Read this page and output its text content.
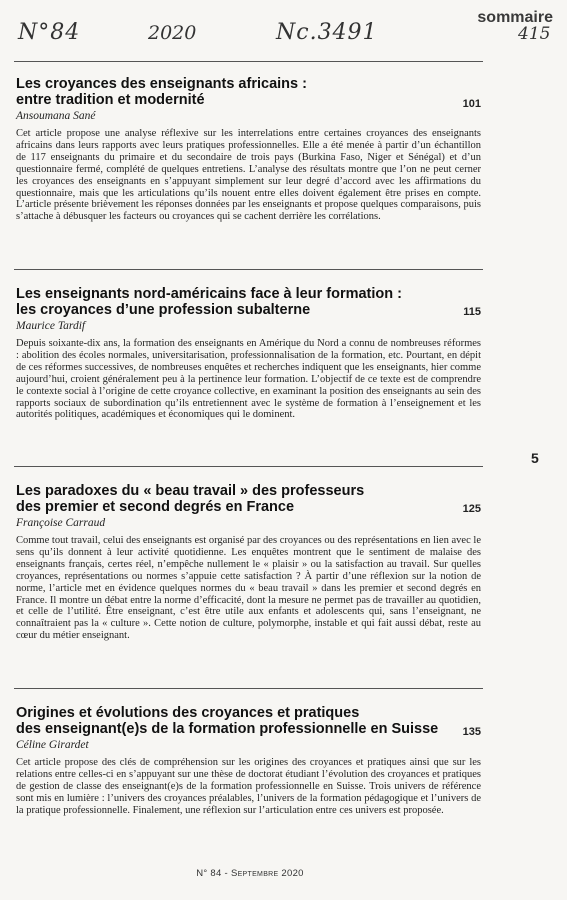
N°84	2020	Nc.3491	415
sommaire
Les croyances des enseignants africains :
entre tradition et modernité	101
Ansoumana Sané

Cet article propose une analyse réflexive sur les interrelations entre certaines croyances des enseignants africains dans leurs rapports avec leurs pratiques professionnelles. Elle a été menée à partir d’un échantillon de 117 enseignants du primaire et du secondaire de trois pays (Burkina Faso, Niger et Sénégal) et d’un questionnaire fermé, complété de quelques entretiens. L’analyse des résultats montre que l’on ne peut cerner les croyances des enseignants en s’appuyant simplement sur leur degré d’accord avec les affirmations du questionnaire, mais que les articulations qu’ils nouent entre elles doivent également être prises en compte. L’article présente brièvement les réponses données par les enseignants et propose quelques comparaisons, puis s’attache à débusquer les facteurs ou croyances qui se cachent derrière les corrélations.

Les enseignants nord-américains face à leur formation :
les croyances d’une profession subalterne	115
Maurice Tardif

Depuis soixante-dix ans, la formation des enseignants en Amérique du Nord a connu de nombreuses réformes : abolition des écoles normales, universitarisation, professionnalisation de la formation, etc. Pourtant, en dépit de ces réformes successives, de nombreuses enquêtes et recherches indiquent que les enseignants, hier comme aujourd’hui, croient généralement peu à la pertinence leur formation. L’objectif de ce texte est de comprendre le contexte social à l’origine de cette croyance collective, en examinant la position des enseignants au sein des rapports sociaux de subordination qu’ils entretiennent avec le système de formation à l’enseignement et les autorités politiques, académiques et économiques qui le dominent.

5
Les paradoxes du « beau travail » des professeurs
des premier et second degrés en France	125
Françoise Carraud

Comme tout travail, celui des enseignants est organisé par des croyances ou des représentations en lien avec le sens qu’ils donnent à leur activité quotidienne. Les enquêtes montrent que le sentiment de malaise des enseignants français, certes réel, n’empêche nullement le « plaisir » ou la satisfaction au travail. Sur quelles croyances, représentations ou normes s’appuie cette satisfaction ? À partir d’une réflexion sur la notion de norme, l’article met en évidence quelques normes du « beau travail » dans les premier et second degrés en France. Il montre un débat entre la norme d’efficacité, dont la mesure ne permet pas de travailler au quotidien, et celle de l’utilité. Être enseignant, c’est être utile aux enfants et adolescents qui, sans l’enseignant, ne connaîtraient pas la « culture ». Cette notion de culture, polymorphe, instable et qui fait aussi débat, reste au cœur du métier enseignant.

Origines et évolutions des croyances et pratiques
des enseignant(e)s de la formation professionnelle en Suisse	135
Céline Girardet

Cet article propose des clés de compréhension sur les origines des croyances et pratiques ainsi que sur les relations entre celles-ci en s’appuyant sur une thèse de doctorat étudiant l’évolution des croyances et pratiques de gestion de classe des enseignant(e)s de la formation professionnelle en Suisse. Trois univers de référence sont mis en lumière : l’univers des croyances préalables, l’univers de la formation pédagogique et l’univers de la pratique professionnelle. Finalement, une réflexion sur l’articulation entre ces univers est proposée.

N° 84 - Septembre 2020
